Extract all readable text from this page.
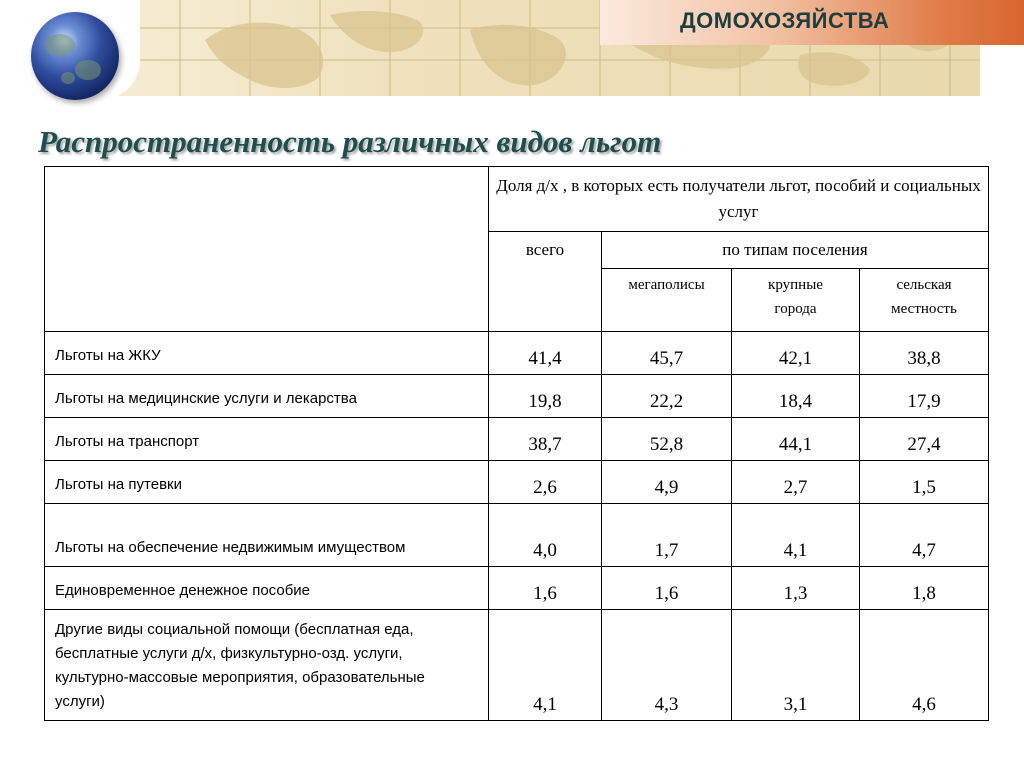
ДОМОХОЗЯЙСТВА
Распространенность различных видов льгот
	Доля д/х , в которых есть получатели льгот, пособий и социальных услуг			
	всего	по типам поселения		
		мегаполисы	крупные города	сельская местность
Льготы на ЖКУ	41,4	45,7	42,1	38,8
Льготы на медицинские услуги и лекарства	19,8	22,2	18,4	17,9
Льготы на транспорт	38,7	52,8	44,1	27,4
Льготы на путевки	2,6	4,9	2,7	1,5
Льготы на обеспечение недвижимым имуществом	4,0	1,7	4,1	4,7
Единовременное денежное пособие	1,6	1,6	1,3	1,8
Другие виды социальной помощи (бесплатная еда, бесплатные услуги д/х, физкультурно-озд. услуги, культурно-массовые мероприятия, образовательные услуги)	4,1	4,3	3,1	4,6
